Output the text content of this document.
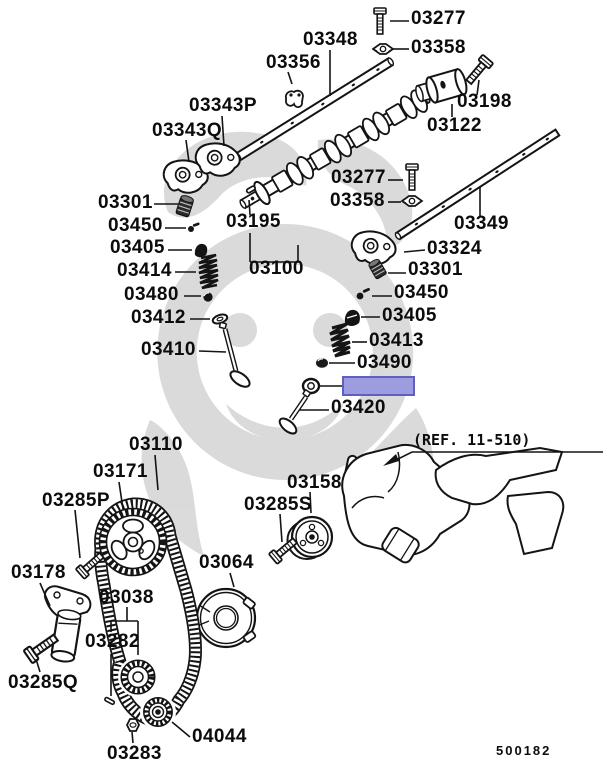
03277
03358
03348
03356
03198
03122
03343P
03343Q
03277
03358
03301
03450	03195
03405
03414	03100
03349
03324
03301
03480	03450
03412	03405
03413
03410
03490
03420
03110
03171
03285P
03158
03285S
03178	03064
03038
03282
03285Q
04044
03283
(REF. 11-510)
500182
